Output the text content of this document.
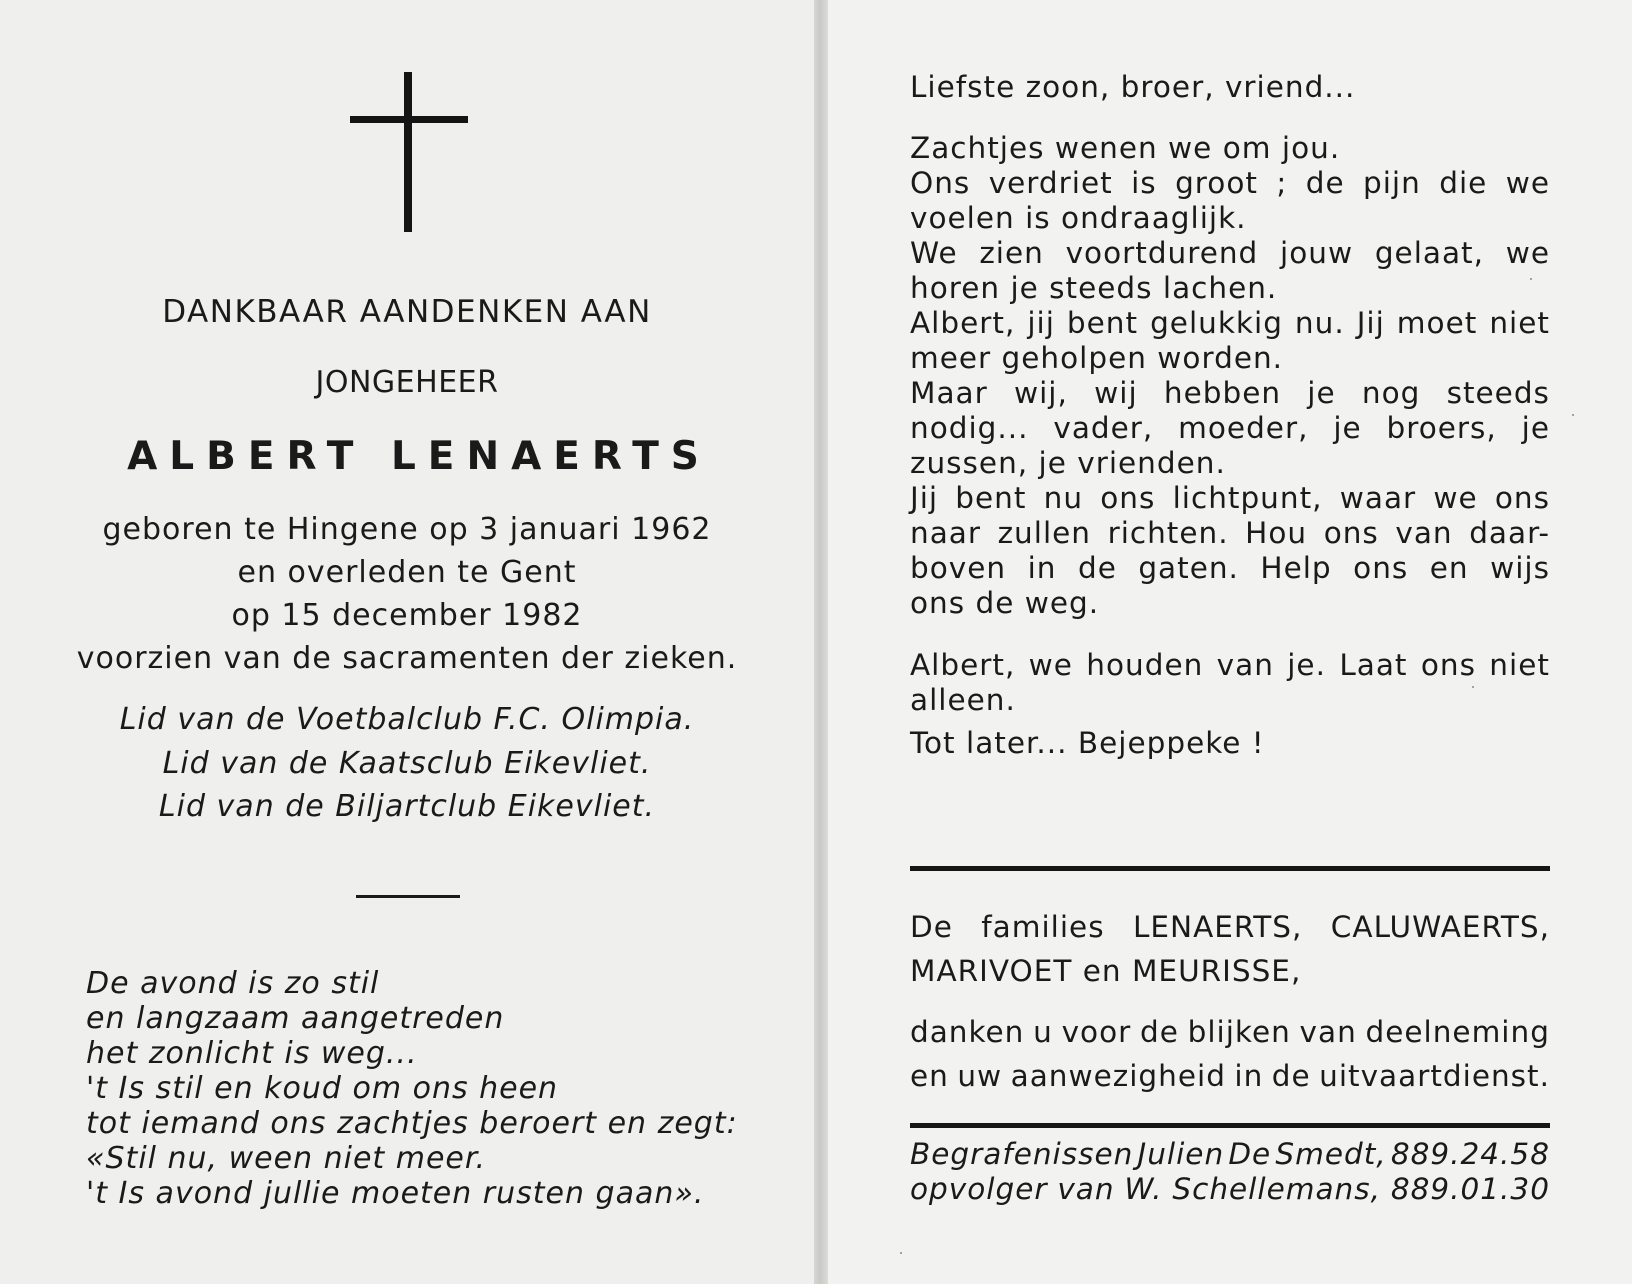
DANKBAAR AANDENKEN AAN
JONGEHEER
ALBERT LENAERTS
geboren te Hingene op 3 januari 1962
en overleden te Gent
op 15 december 1982
voorzien van de sacramenten der zieken.
Lid van de Voetbalclub F.C. Olimpia.
Lid van de Kaatsclub Eikevliet.
Lid van de Biljartclub Eikevliet.
De avond is zo stil
en langzaam aangetreden
het zonlicht is weg...
't Is stil en koud om ons heen
tot iemand ons zachtjes beroert en zegt:
«Stil nu, ween niet meer.
't Is avond jullie moeten rusten gaan».
Liefste zoon, broer, vriend...
Zachtjes wenen we om jou.
Ons verdriet is groot ; de pijn die we
voelen is ondraaglijk.
We zien voortdurend jouw gelaat, we
horen je steeds lachen.
Albert, jij bent gelukkig nu. Jij moet niet
meer geholpen worden.
Maar wij, wij hebben je nog steeds
nodig... vader, moeder, je broers, je
zussen, je vrienden.
Jij bent nu ons lichtpunt, waar we ons
naar zullen richten. Hou ons van daar-
boven in de gaten. Help ons en wijs
ons de weg.
Albert, we houden van je. Laat ons niet
alleen.
Tot later... Bejeppeke !
De families LENAERTS, CALUWAERTS,
MARIVOET en MEURISSE,
danken u voor de blijken van deelneming
en uw aanwezigheid in de uitvaartdienst.
Begrafenissen Julien De Smedt, 889.24.58
opvolger van W. Schellemans, 889.01.30
